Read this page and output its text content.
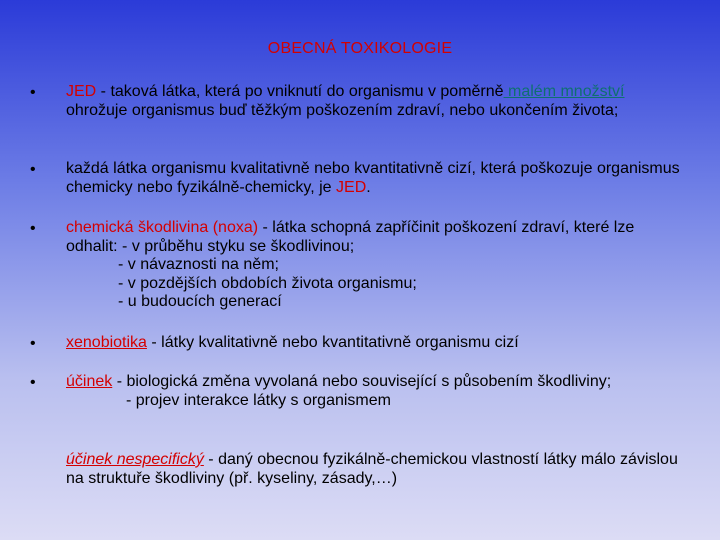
OBECNÁ TOXIKOLOGIE
• JED - taková látka, která po vniknutí do organismu v poměrně malém množství ohrožuje organismus buď těžkým poškozením zdraví, nebo ukončením života;
• každá látka organismu kvalitativně nebo kvantitativně cizí, která poškozuje organismus chemicky nebo fyzikálně-chemicky, je JED.
• chemická škodlivina (noxa) - látka schopná zapříčinit poškození zdraví, které lze odhalit: - v průběhu styku se škodlivinou;
- v návaznosti na něm;
- v pozdějších obdobích života organismu;
- u budoucích generací
• xenobiotika - látky kvalitativně nebo kvantitativně organismu cizí
• účinek - biologická změna vyvolaná nebo související s působením škodliviny;
- projev interakce látky s organismem
účinek nespecifický - daný obecnou fyzikálně-chemickou vlastností látky málo závislou na struktuře škodliviny (př. kyseliny, zásady,…)
